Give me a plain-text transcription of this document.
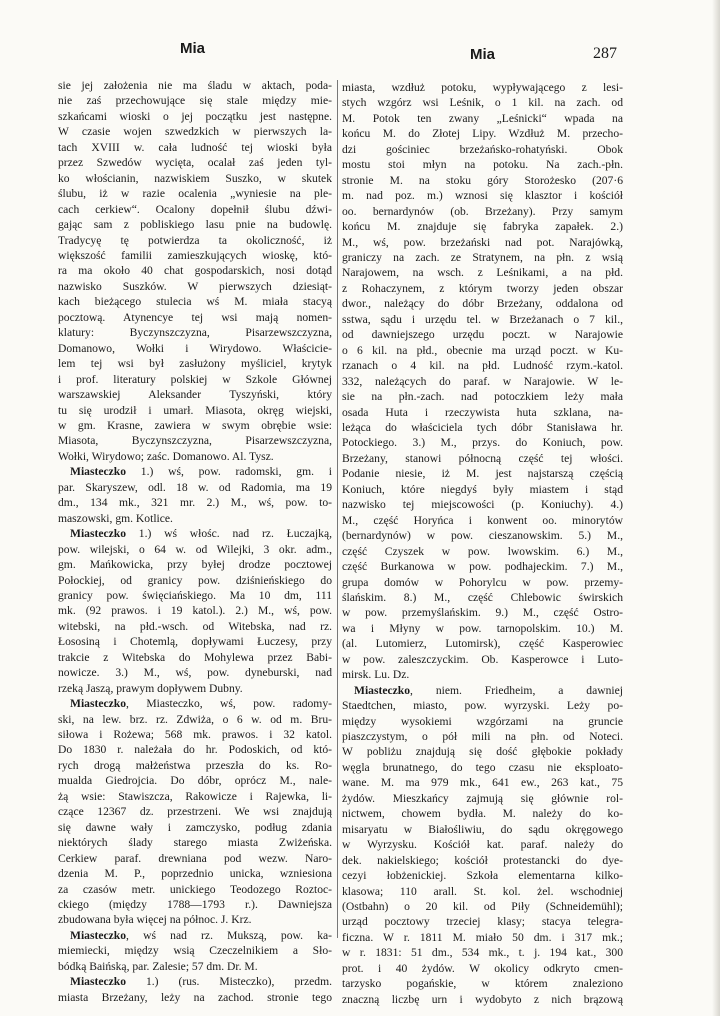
Mia	Mia	287
sie jej założenia nie ma śladu w aktach, poda-
nie zaś przechowujące się stale między mie-
szkańcami wioski o jej początku jest następne.
W czasie wojen szwedzkich w pierwszych la-
tach XVIII w. cała ludność tej wioski była
przez Szwedów wycięta, ocalał zaś jeden tyl-
ko włościanin, nazwiskiem Suszko, w skutek
ślubu, iż w razie ocalenia „wyniesie na ple-
cach cerkiew“. Ocalony dopełnił ślubu dźwi-
gając sam z pobliskiego lasu pnie na budowlę.
Tradycyę tę potwierdza ta okoliczność, iż
większość familii zamieszkujących wioskę, któ-
ra ma około 40 chat gospodarskich, nosi dotąd
nazwisko Suszków. W pierwszych dziesiąt-
kach bieżącego stulecia wś M. miała stacyą
pocztową. Atynencye tej wsi mają nomen-
klatury: Byczynszczyzna, Pisarzewszczyzna,
Domanowo, Wołki i Wirydowo. Właścicie-
lem tej wsi był zasłużony myśliciel, krytyk
i prof. literatury polskiej w Szkole Głównej
warszawskiej Aleksander Tyszyński, który
tu się urodził i umarł. Miasota, okręg wiejski,
w gm. Krasne, zawiera w swym obrębie wsie:
Miasota, Byczynszczyzna, Pisarzewszczyzna,
Wołki, Wirydowo; zaśc. Domanowo. Al. Tysz.
Miasteczko 1.) wś, pow. radomski, gm. i
par. Skaryszew, odl. 18 w. od Radomia, ma 19
dm., 134 mk., 321 mr. 2.) M., wś, pow. to-
maszowski, gm. Kotlice.
Miasteczko 1.) wś włośc. nad rz. Łuczajką,
pow. wilejski, o 64 w. od Wilejki, 3 okr. adm.,
gm. Mańkowicka, przy byłej drodze pocztowej
Połockiej, od granicy pow. dziśnieńskiego do
granicy pow. święciańskiego. Ma 10 dm, 111
mk. (92 prawos. i 19 katol.). 2.) M., wś, pow.
witebski, na płd.-wsch. od Witebska, nad rz.
Łososiną i Chotemlą, dopływami Łuczesy, przy
trakcie z Witebska do Mohylewa przez Babi-
nowicze. 3.) M., wś, pow. dyneburski, nad
rzeką Jaszą, prawym dopływem Dubny.
Miasteczko, Miasteczko, wś, pow. radomy-
ski, na lew. brz. rz. Zdwiża, o 6 w. od m. Bru-
siłowa i Rożewa; 568 mk. prawos. i 32 katol.
Do 1830 r. należała do hr. Podoskich, od któ-
rych drogą małżeństwa przeszła do ks. Ro-
mualda Giedrojcia. Do dóbr, oprócz M., nale-
żą wsie: Stawiszcza, Rakowicze i Rajewka, li-
czące 12367 dz. przestrzeni. We wsi znajdują
się dawne wały i zamczysko, podług zdania
niektórych ślady starego miasta Zwiżeńska.
Cerkiew paraf. drewniana pod wezw. Naro-
dzenia M. P., poprzednio unicka, wzniesiona
za czasów metr. unickiego Teodozego Roztoc-
ckiego (między 1788—1793 r.). Dawniejsza
zbudowana była więcej na północ. J. Krz.
Miasteczko, wś nad rz. Mukszą, pow. ka-
miemiecki, między wsią Czeczelnikiem a Sło-
bódką Baińską, par. Zalesie; 57 dm. Dr. M.
Miasteczko 1.) (rus. Misteczko), przedm.
miasta Brzeżany, leży na zachod. stronie tego
miasta, wzdłuż potoku, wypływającego z lesi-
stych wzgórz wsi Leśnik, o 1 kil. na zach. od
M. Potok ten zwany „Leśnicki“ wpada na
końcu M. do Złotej Lipy. Wzdłuż M. przecho-
dzi gościniec brzeżańsko-rohatyński. Obok
mostu stoi młyn na potoku. Na zach.-płn.
stronie M. na stoku góry Storożesko (207·6
m. nad poz. m.) wznosi się klasztor i kościół
oo. bernardynów (ob. Brzeżany). Przy samym
końcu M. znajduje się fabryka zapałek. 2.)
M., wś, pow. brzeżański nad pot. Narajówką,
graniczy na zach. ze Stratynem, na płn. z wsią
Narajowem, na wsch. z Leśnikami, a na płd.
z Rohaczynem, z którym tworzy jeden obszar
dwor., należący do dóbr Brzeżany, oddalona od
sstwa, sądu i urzędu tel. w Brzeżanach o 7 kil.,
od dawniejszego urzędu poczt. w Narajowie
o 6 kil. na płd., obecnie ma urząd poczt. w Ku-
rzanach o 4 kil. na płd. Ludność rzym.-katol.
332, należących do paraf. w Narajowie. W le-
sie na płn.-zach. nad potoczkiem leży mała
osada Huta i rzeczywista huta szklana, na-
leżąca do właściciela tych dóbr Stanisława hr.
Potockiego. 3.) M., przys. do Koniuch, pow.
Brzeżany, stanowi północną część tej włości.
Podanie niesie, iż M. jest najstarszą częścią
Koniuch, które niegdyś były miastem i stąd
nazwisko tej miejscowości (p. Koniuchy). 4.)
M., część Horyńca i konwent oo. minorytów
(bernardynów) w pow. cieszanowskim. 5.) M.,
część Czyszek w pow. lwowskim. 6.) M.,
część Burkanowa w pow. podhajeckim. 7.) M.,
grupa domów w Pohorylcu w pow. przemy-
ślańskim. 8.) M., część Chlebowic świrskich
w pow. przemyślańskim. 9.) M., część Ostro-
wa i Młyny w pow. tarnopolskim. 10.) M.
(al. Lutomierz, Lutomirsk), część Kasperowiec
w pow. zaleszczyckim. Ob. Kasperowce i Luto-
mirsk. Lu. Dz.
Miasteczko, niem. Friedheim, a dawniej
Staedtchen, miasto, pow. wyrzyski. Leży po-
między wysokiemi wzgórzami na gruncie
piaszczystym, o pół mili na płn. od Noteci.
W pobliżu znajdują się dość głębokie pokłady
węgla brunatnego, do tego czasu nie eksploato-
wane. M. ma 979 mk., 641 ew., 263 kat., 75
żydów. Mieszkańcy zajmują się głównie rol-
nictwem, chowem bydła. M. należy do ko-
misaryatu w Białośliwiu, do sądu okręgowego
w Wyrzysku. Kościół kat. paraf. należy do
dek. nakielskiego; kościół protestancki do dye-
cezyi łobżenickiej. Szkoła elementarna kilko-
klasowa; 110 arall. St. kol. żel. wschodniej
(Ostbahn) o 20 kil. od Piły (Schneidemühl);
urząd pocztowy trzeciej klasy; stacya telegra-
ficzna. W r. 1811 M. miało 50 dm. i 317 mk.;
w r. 1831: 51 dm., 534 mk., t. j. 194 kat., 300
prot. i 40 żydów. W okolicy odkryto cmen-
tarzysko pogańskie, w którem znaleziono
znaczną liczbę urn i wydobyto z nich brązową
